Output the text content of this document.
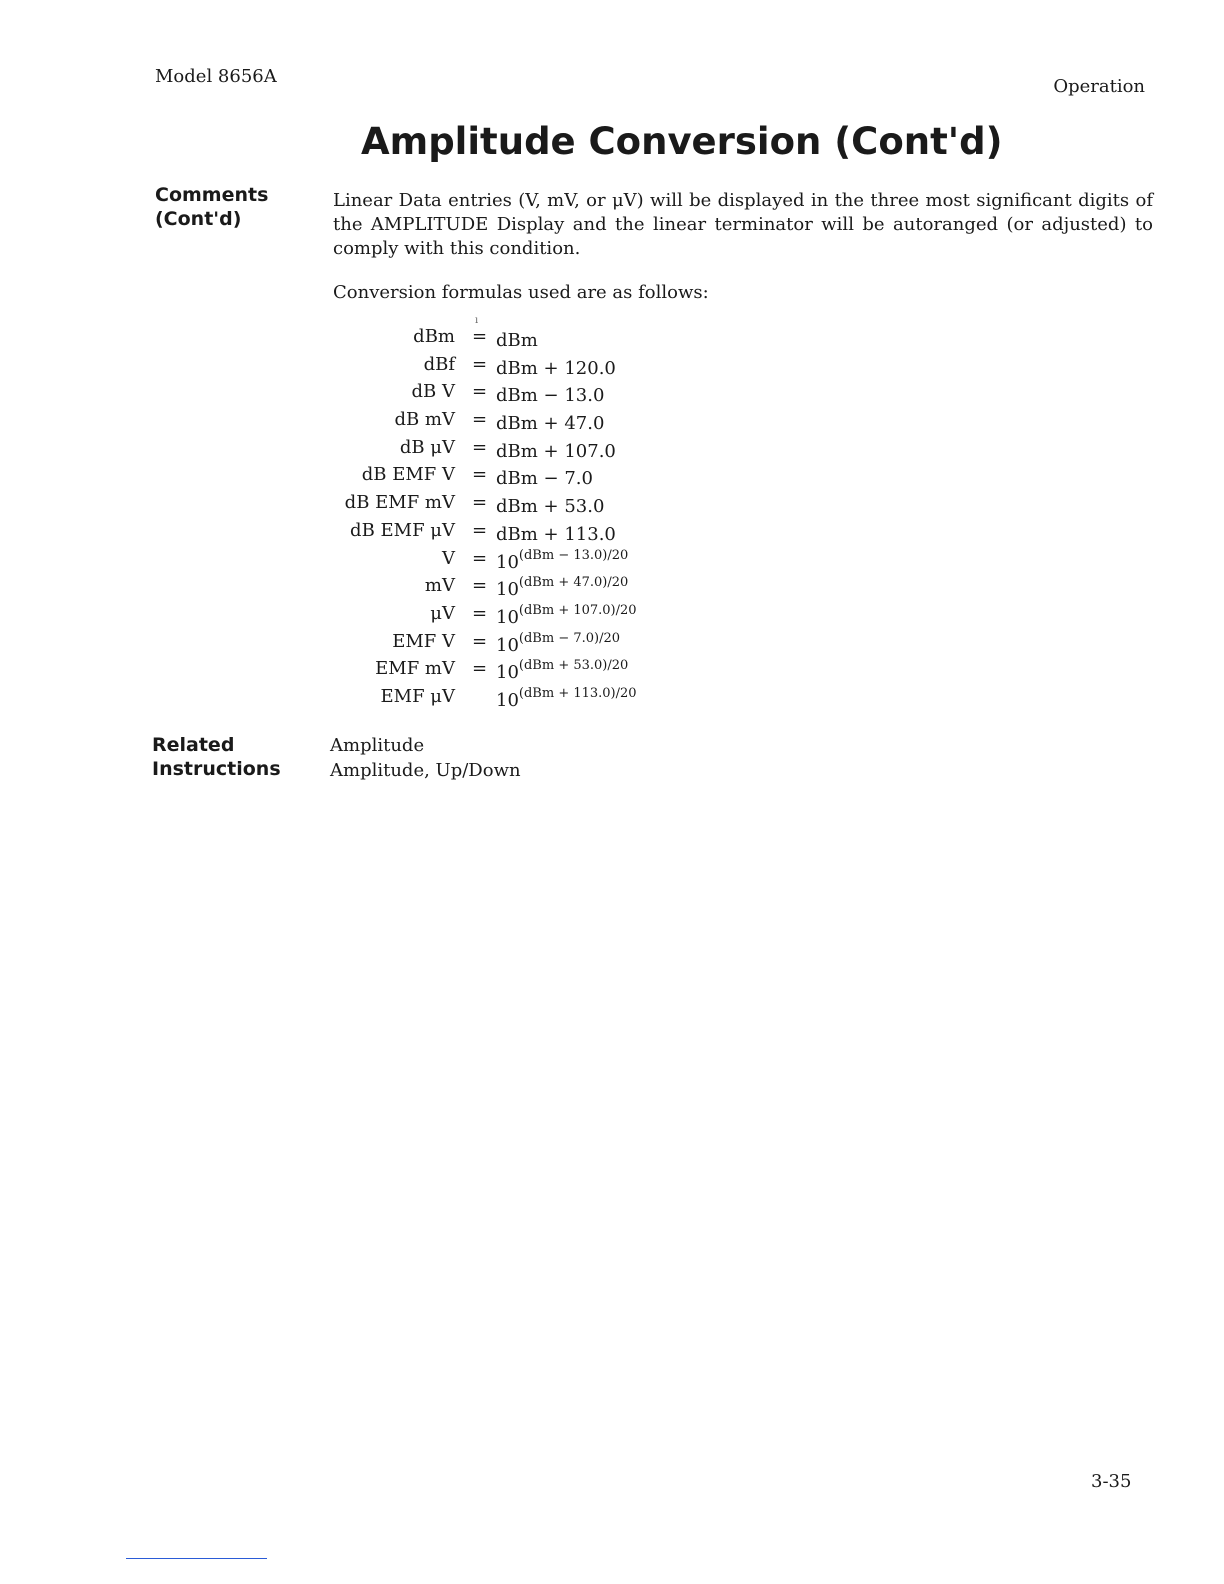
Model 8656A	Operation
Amplitude Conversion (Cont'd)
Comments
(Cont'd)
Linear Data entries (V, mV, or μV) will be displayed in the three most significant digits of the AMPLITUDE Display and the linear terminator will be autoranged (or adjusted) to comply with this condition.
Conversion formulas used are as follows:
ı
dBm = dBm
dBf = dBm + 120.0
dB V = dBm − 13.0
dB mV = dBm + 47.0
dB μV = dBm + 107.0
dB EMF V = dBm − 7.0
dB EMF mV = dBm + 53.0
dB EMF μV = dBm + 113.0
$V = 10^{(dBm - 13.0)/20}$
mV = $10^{(dBm + 47.0)/20}$
$\mu V = 10^{(dBm + 107.0)/20}$
EMF $V = 10^{(dBm - 7.0)/20}$
EMF mV = $10^{(dBm + 53.0)/20}$
EMF μV $10^{(dBm + 113.0)/20}$
Related
Instructions
Amplitude
Amplitude, Up/Down
3-35
